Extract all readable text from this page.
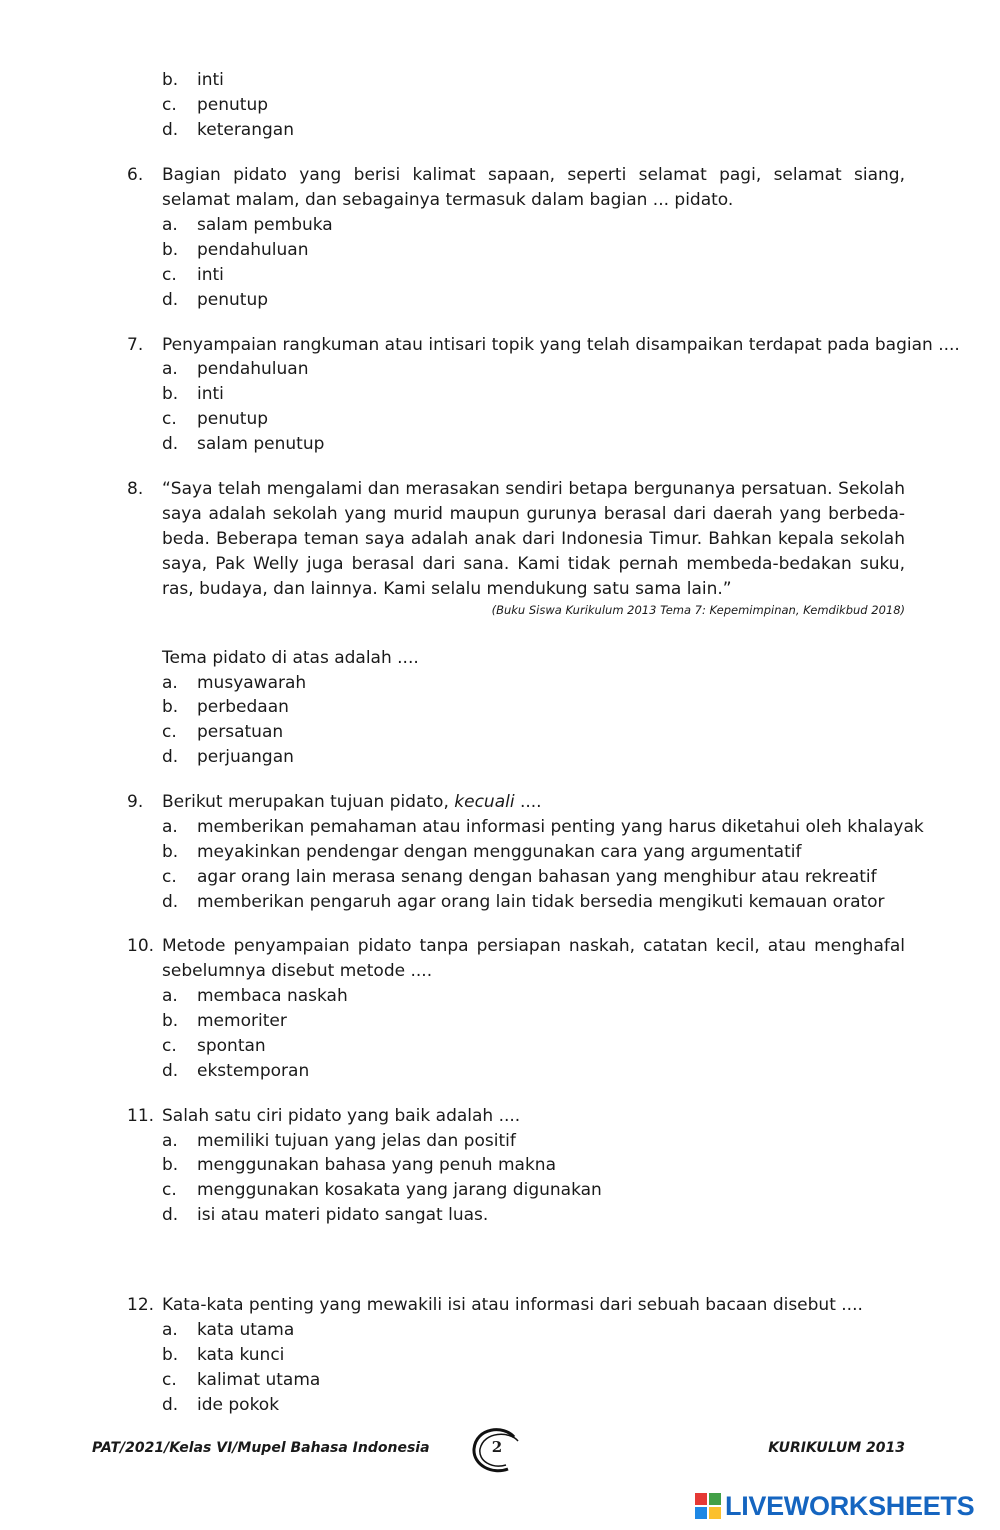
b. inti
c. penutup
d. keterangan
6. Bagian pidato yang berisi kalimat sapaan, seperti selamat pagi, selamat siang, selamat malam, dan sebagainya termasuk dalam bagian ... pidato.
a. salam pembuka
b. pendahuluan
c. inti
d. penutup
7. Penyampaian rangkuman atau intisari topik yang telah disampaikan terdapat pada bagian ....
a. pendahuluan
b. inti
c. penutup
d. salam penutup
8. “Saya telah mengalami dan merasakan sendiri betapa bergunanya persatuan. Sekolah saya adalah sekolah yang murid maupun gurunya berasal dari daerah yang berbeda-beda. Beberapa teman saya adalah anak dari Indonesia Timur. Bahkan kepala sekolah saya, Pak Welly juga berasal dari sana. Kami tidak pernah membeda-bedakan suku, ras, budaya, dan lainnya. Kami selalu mendukung satu sama lain.”
(Buku Siswa Kurikulum 2013 Tema 7: Kepemimpinan, Kemdikbud 2018)
Tema pidato di atas adalah ....
a. musyawarah
b. perbedaan
c. persatuan
d. perjuangan
9. Berikut merupakan tujuan pidato, kecuali ....
a. memberikan pemahaman atau informasi penting yang harus diketahui oleh khalayak
b. meyakinkan pendengar dengan menggunakan cara yang argumentatif
c. agar orang lain merasa senang dengan bahasan yang menghibur atau rekreatif
d. memberikan pengaruh agar orang lain tidak bersedia mengikuti kemauan orator
10. Metode penyampaian pidato tanpa persiapan naskah, catatan kecil, atau menghafal sebelumnya disebut metode ....
a. membaca naskah
b. memoriter
c. spontan
d. ekstemporan
11. Salah satu ciri pidato yang baik adalah ....
a. memiliki tujuan yang jelas dan positif
b. menggunakan bahasa yang penuh makna
c. menggunakan kosakata yang jarang digunakan
d. isi atau materi pidato sangat luas.
12. Kata-kata penting yang mewakili isi atau informasi dari sebuah bacaan disebut ....
a. kata utama
b. kata kunci
c. kalimat utama
d. ide pokok
PAT/2021/Kelas VI/Mupel Bahasa Indonesia	2	KURIKULUM 2013
LIVEWORKSHEETS
